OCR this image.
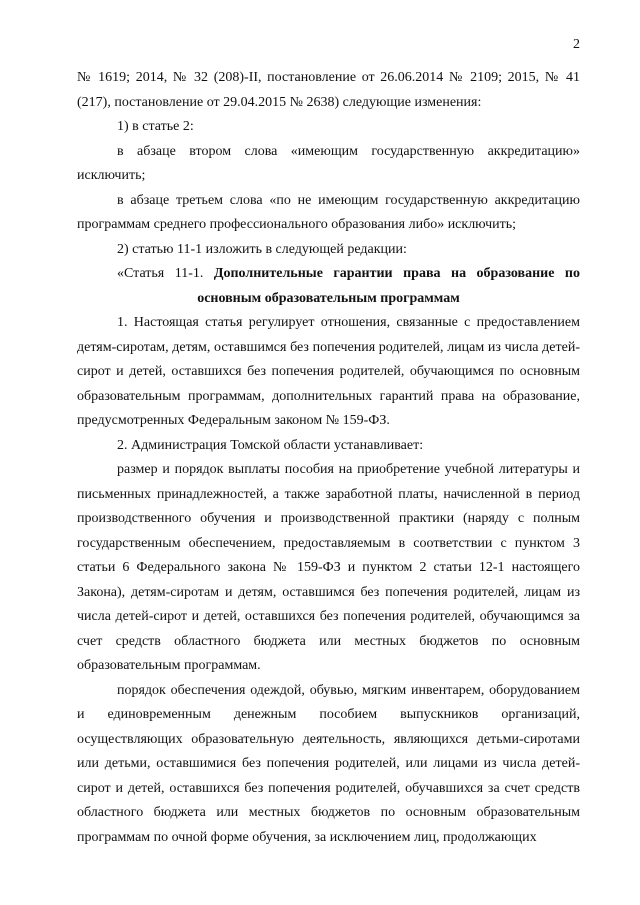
2

№ 1619; 2014, № 32 (208)-II, постановление от 26.06.2014 № 2109; 2015, № 41 (217), постановление от 29.04.2015 № 2638) следующие изменения:

1) в статье 2:

в абзаце втором слова «имеющим государственную аккредитацию» исключить;

в абзаце третьем слова «по не имеющим государственную аккредитацию программам среднего профессионального образования либо» исключить;

2) статью 11-1 изложить в следующей редакции:

«Статья 11-1. Дополнительные гарантии права на образование по

основным образовательным программам

1. Настоящая статья регулирует отношения, связанные с предоставлением детям-сиротам, детям, оставшимся без попечения родителей, лицам из числа детей-сирот и детей, оставшихся без попечения родителей, обучающимся по основным образовательным программам, дополнительных гарантий права на образование, предусмотренных Федеральным законом № 159-ФЗ.

2. Администрация Томской области устанавливает:

размер и порядок выплаты пособия на приобретение учебной литературы и письменных принадлежностей, а также заработной платы, начисленной в период производственного обучения и производственной практики (наряду с полным государственным обеспечением, предоставляемым в соответствии с пунктом 3 статьи 6 Федерального закона № 159-ФЗ и пунктом 2 статьи 12-1 настоящего Закона), детям-сиротам и детям, оставшимся без попечения родителей, лицам из числа детей-сирот и детей, оставшихся без попечения родителей, обучающимся за счет средств областного бюджета или местных бюджетов по основным образовательным программам.

порядок обеспечения одеждой, обувью, мягким инвентарем, оборудованием и единовременным денежным пособием выпускников организаций, осуществляющих образовательную деятельность, являющихся детьми-сиротами или детьми, оставшимися без попечения родителей, или лицами из числа детей-сирот и детей, оставшихся без попечения родителей, обучавшихся за счет средств областного бюджета или местных бюджетов по основным образовательным программам по очной форме обучения, за исключением лиц, продолжающих
